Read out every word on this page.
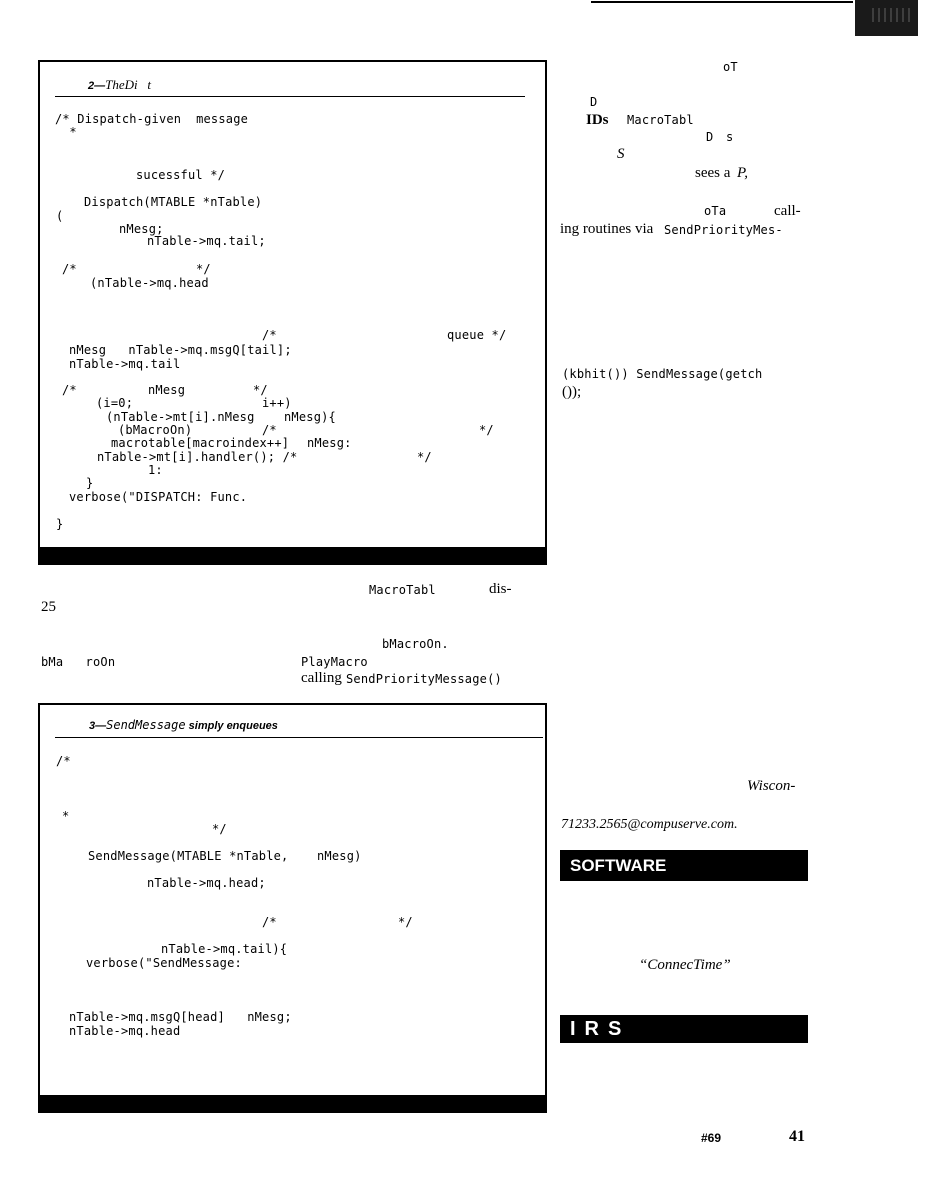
2—TheDi   t
/* Dispatch-given  message
*
sucessful */
Dispatch(MTABLE *nTable)
(
nMesg;
nTable->mq.tail;
/*	*/
(nTable->mq.head
/*	queue */
nMesg   nTable->mq.msgQ[tail];
nTable->mq.tail
/*	nMesg	*/
(i=0;	i++)
(nTable->mt[i].nMesg nMesg){
(bMacroOn)	/*	*/
macrotable[macroindex++] nMesg:
nTable->mt[i].handler(); /*	*/
1:
}
verbose("DISPATCH: Func.
}
oT
D
IDs MacroTabl
D s
S
sees a P,
oTa	call-
ing routines via SendPriorityMes-
(kbhit()) SendMessage(getch
());
MacroTabl	dis-
25
bMacroOn.
bMa   roOn	PlayMacro
calling SendPriorityMessage()
3—SendMessage simply enqueues
/*
*
*/
SendMessage(MTABLE *nTable, nMesg)
nTable->mq.head;
/*	*/
nTable->mq.tail){
verbose("SendMessage:
nTable->mq.msgQ[head]   nMesg;
nTable->mq.head
Wiscon-
71233.2565@compuserve.com.
SOFTWARE
“ConnecTime”
IRS
#69	41
